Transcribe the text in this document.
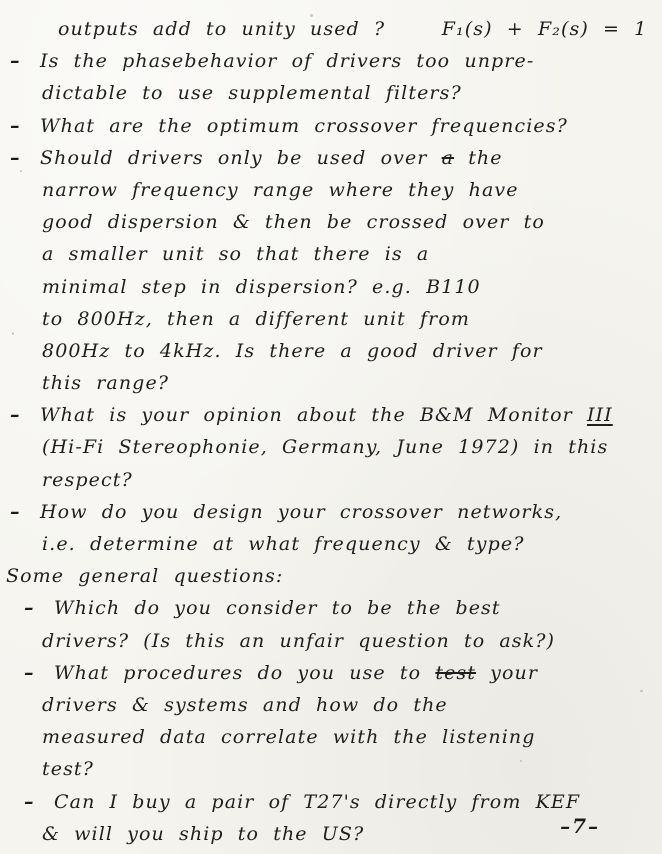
outputs add to unity used ?    F₁(s) + F₂(s) = 1
– Is the phasebehavior of drivers too unpre-
dictable to use supplemental filters?
– What are the optimum crossover frequencies?
– Should drivers only be used over a the
narrow frequency range where they have
good dispersion & then be crossed over to
a smaller unit so that there is a
minimal step in dispersion? e.g. B110
to 800Hz, then a different unit from
800Hz to 4kHz. Is there a good driver for
this range?
– What is your opinion about the B&M Monitor III
(Hi-Fi Stereophonie, Germany, June 1972) in this
respect?
– How do you design your crossover networks,
i.e. determine at what frequency & type?
Some general questions:
– Which do you consider to be the best
drivers? (Is this an unfair question to ask?)
– What procedures do you use to test your
drivers & systems and how do the
measured data correlate with the listening
test?
– Can I buy a pair of T27's directly from KEF
& will you ship to the US?	–7–
